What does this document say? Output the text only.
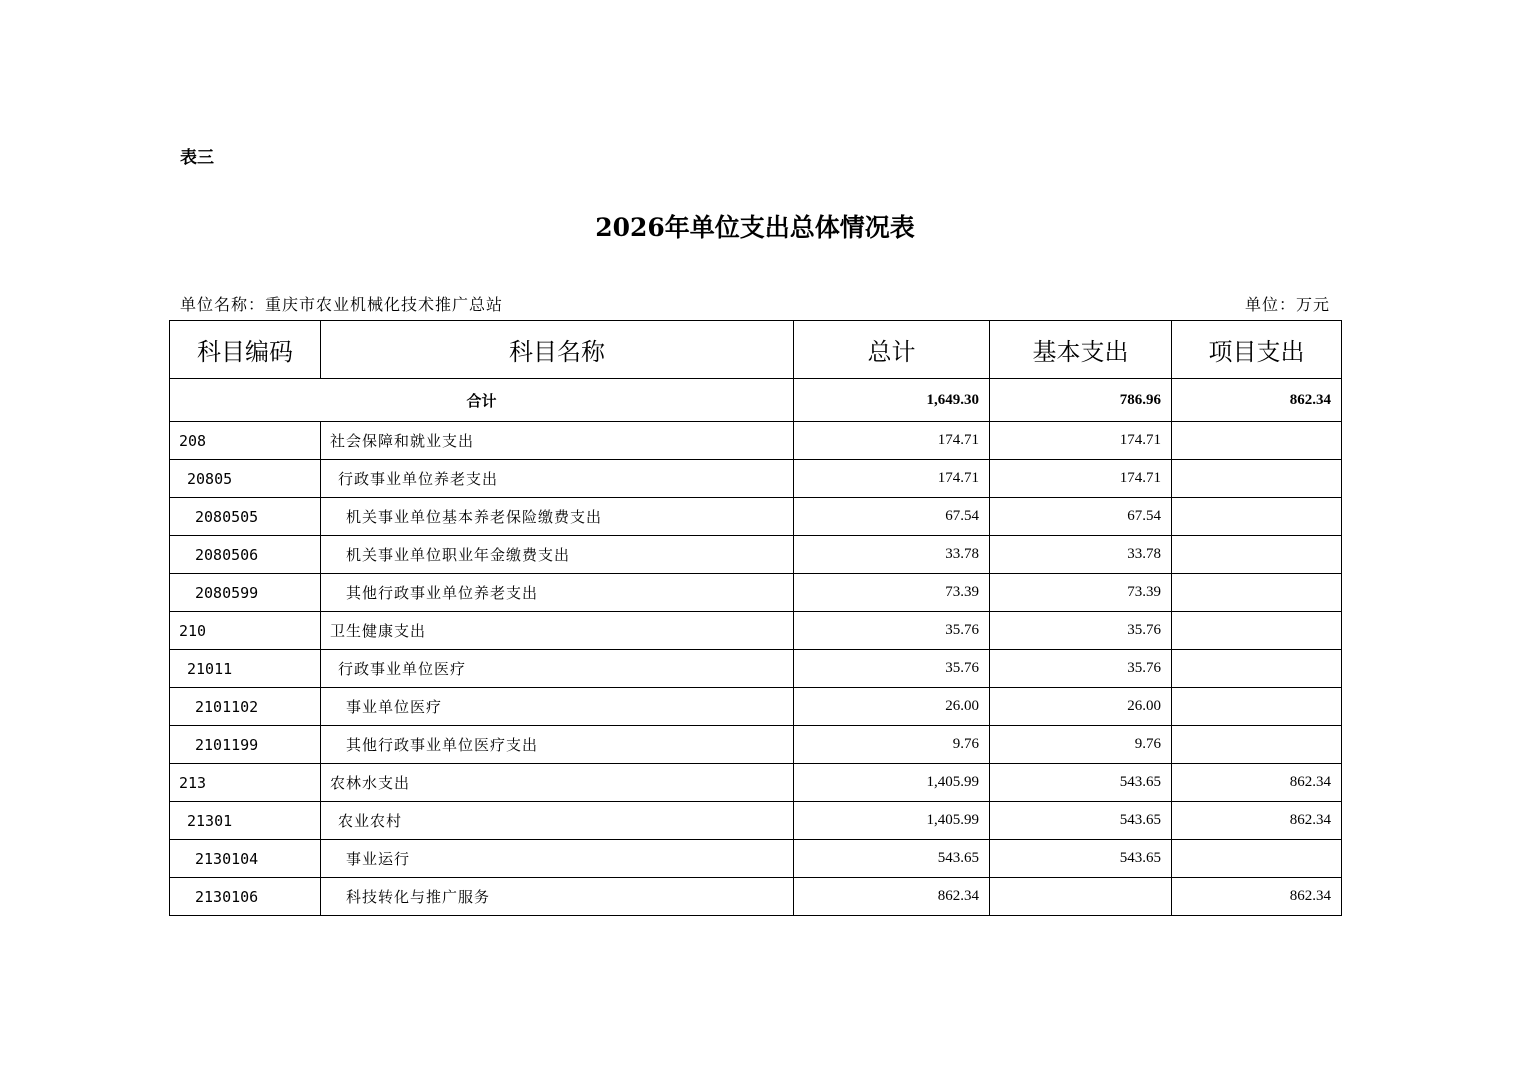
表三
2026年单位支出总体情况表
单位名称：重庆市农业机械化技术推广总站	单位：万元
科目编码	科目名称	总计	基本支出	项目支出
合计		1,649.30	786.96	862.34
208	社会保障和就业支出	174.71	174.71	
20805	行政事业单位养老支出	174.71	174.71	
2080505	机关事业单位基本养老保险缴费支出	67.54	67.54	
2080506	机关事业单位职业年金缴费支出	33.78	33.78	
2080599	其他行政事业单位养老支出	73.39	73.39	
210	卫生健康支出	35.76	35.76	
21011	行政事业单位医疗	35.76	35.76	
2101102	事业单位医疗	26.00	26.00	
2101199	其他行政事业单位医疗支出	9.76	9.76	
213	农林水支出	1,405.99	543.65	862.34
21301	农业农村	1,405.99	543.65	862.34
2130104	事业运行	543.65	543.65	
2130106	科技转化与推广服务	862.34		862.34
